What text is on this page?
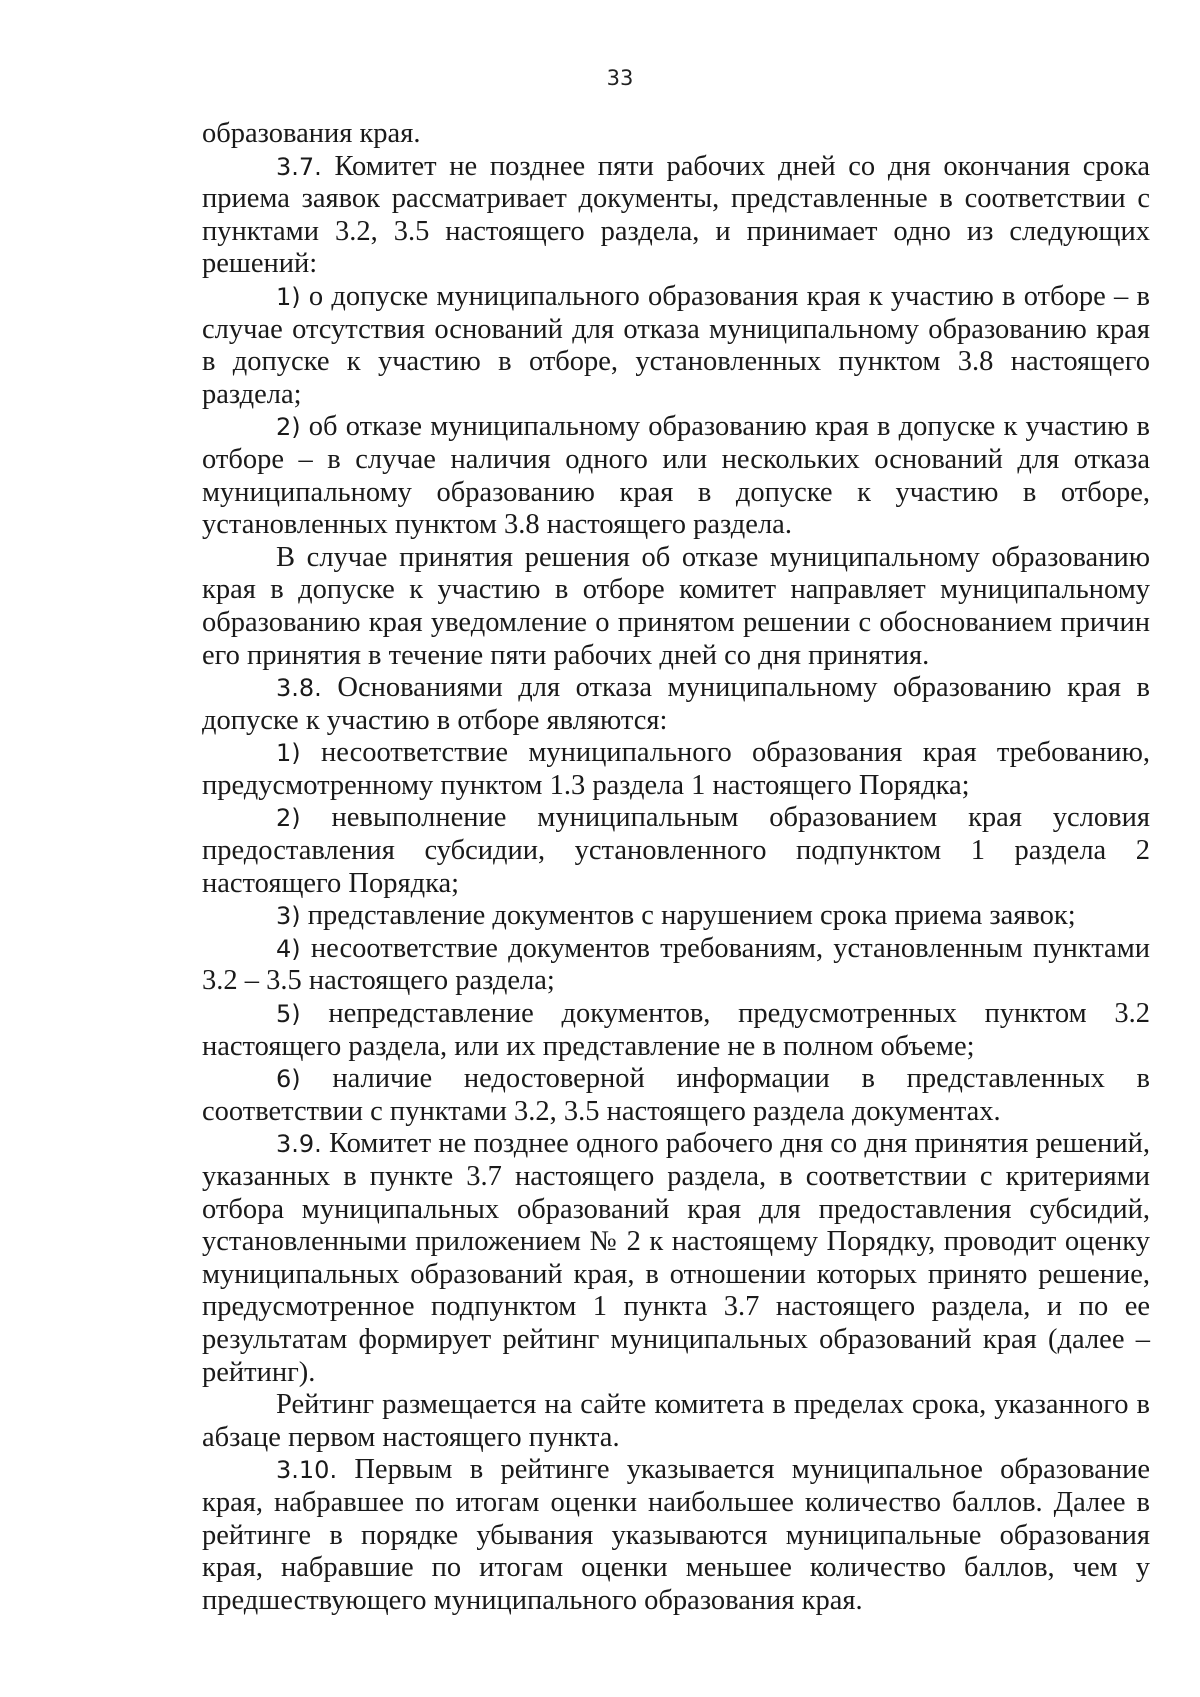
33

образования края.

3.7. Комитет не позднее пяти рабочих дней со дня окончания срока приема заявок рассматривает документы, представленные в соответствии с пунктами 3.2, 3.5 настоящего раздела, и принимает одно из следующих решений:

1) о допуске муниципального образования края к участию в отборе – в случае отсутствия оснований для отказа муниципальному образованию края в допуске к участию в отборе, установленных пунктом 3.8 настоящего раздела;

2) об отказе муниципальному образованию края в допуске к участию в отборе – в случае наличия одного или нескольких оснований для отказа муниципальному образованию края в допуске к участию в отборе, установленных пунктом 3.8 настоящего раздела.

В случае принятия решения об отказе муниципальному образованию края в допуске к участию в отборе комитет направляет муниципальному образованию края уведомление о принятом решении с обоснованием причин его принятия в течение пяти рабочих дней со дня принятия.

3.8. Основаниями для отказа муниципальному образованию края в допуске к участию в отборе являются:

1) несоответствие муниципального образования края требованию, предусмотренному пунктом 1.3 раздела 1 настоящего Порядка;

2) невыполнение муниципальным образованием края условия предоставления субсидии, установленного подпунктом 1 раздела 2 настоящего Порядка;

3) представление документов с нарушением срока приема заявок;

4) несоответствие документов требованиям, установленным пунктами 3.2 – 3.5 настоящего раздела;

5) непредставление документов, предусмотренных пунктом 3.2 настоящего раздела, или их представление не в полном объеме;

6) наличие недостоверной информации в представленных в соответствии с пунктами 3.2, 3.5 настоящего раздела документах.

3.9. Комитет не позднее одного рабочего дня со дня принятия решений, указанных в пункте 3.7 настоящего раздела, в соответствии с критериями отбора муниципальных образований края для предоставления субсидий, установленными приложением № 2 к настоящему Порядку, проводит оценку муниципальных образований края, в отношении которых принято решение, предусмотренное подпунктом 1 пункта 3.7 настоящего раздела, и по ее результатам формирует рейтинг муниципальных образований края (далее – рейтинг).

Рейтинг размещается на сайте комитета в пределах срока, указанного в абзаце первом настоящего пункта.

3.10. Первым в рейтинге указывается муниципальное образование края, набравшее по итогам оценки наибольшее количество баллов. Далее в рейтинге в порядке убывания указываются муниципальные образования края, набравшие по итогам оценки меньшее количество баллов, чем у предшествующего муниципального образования края.
